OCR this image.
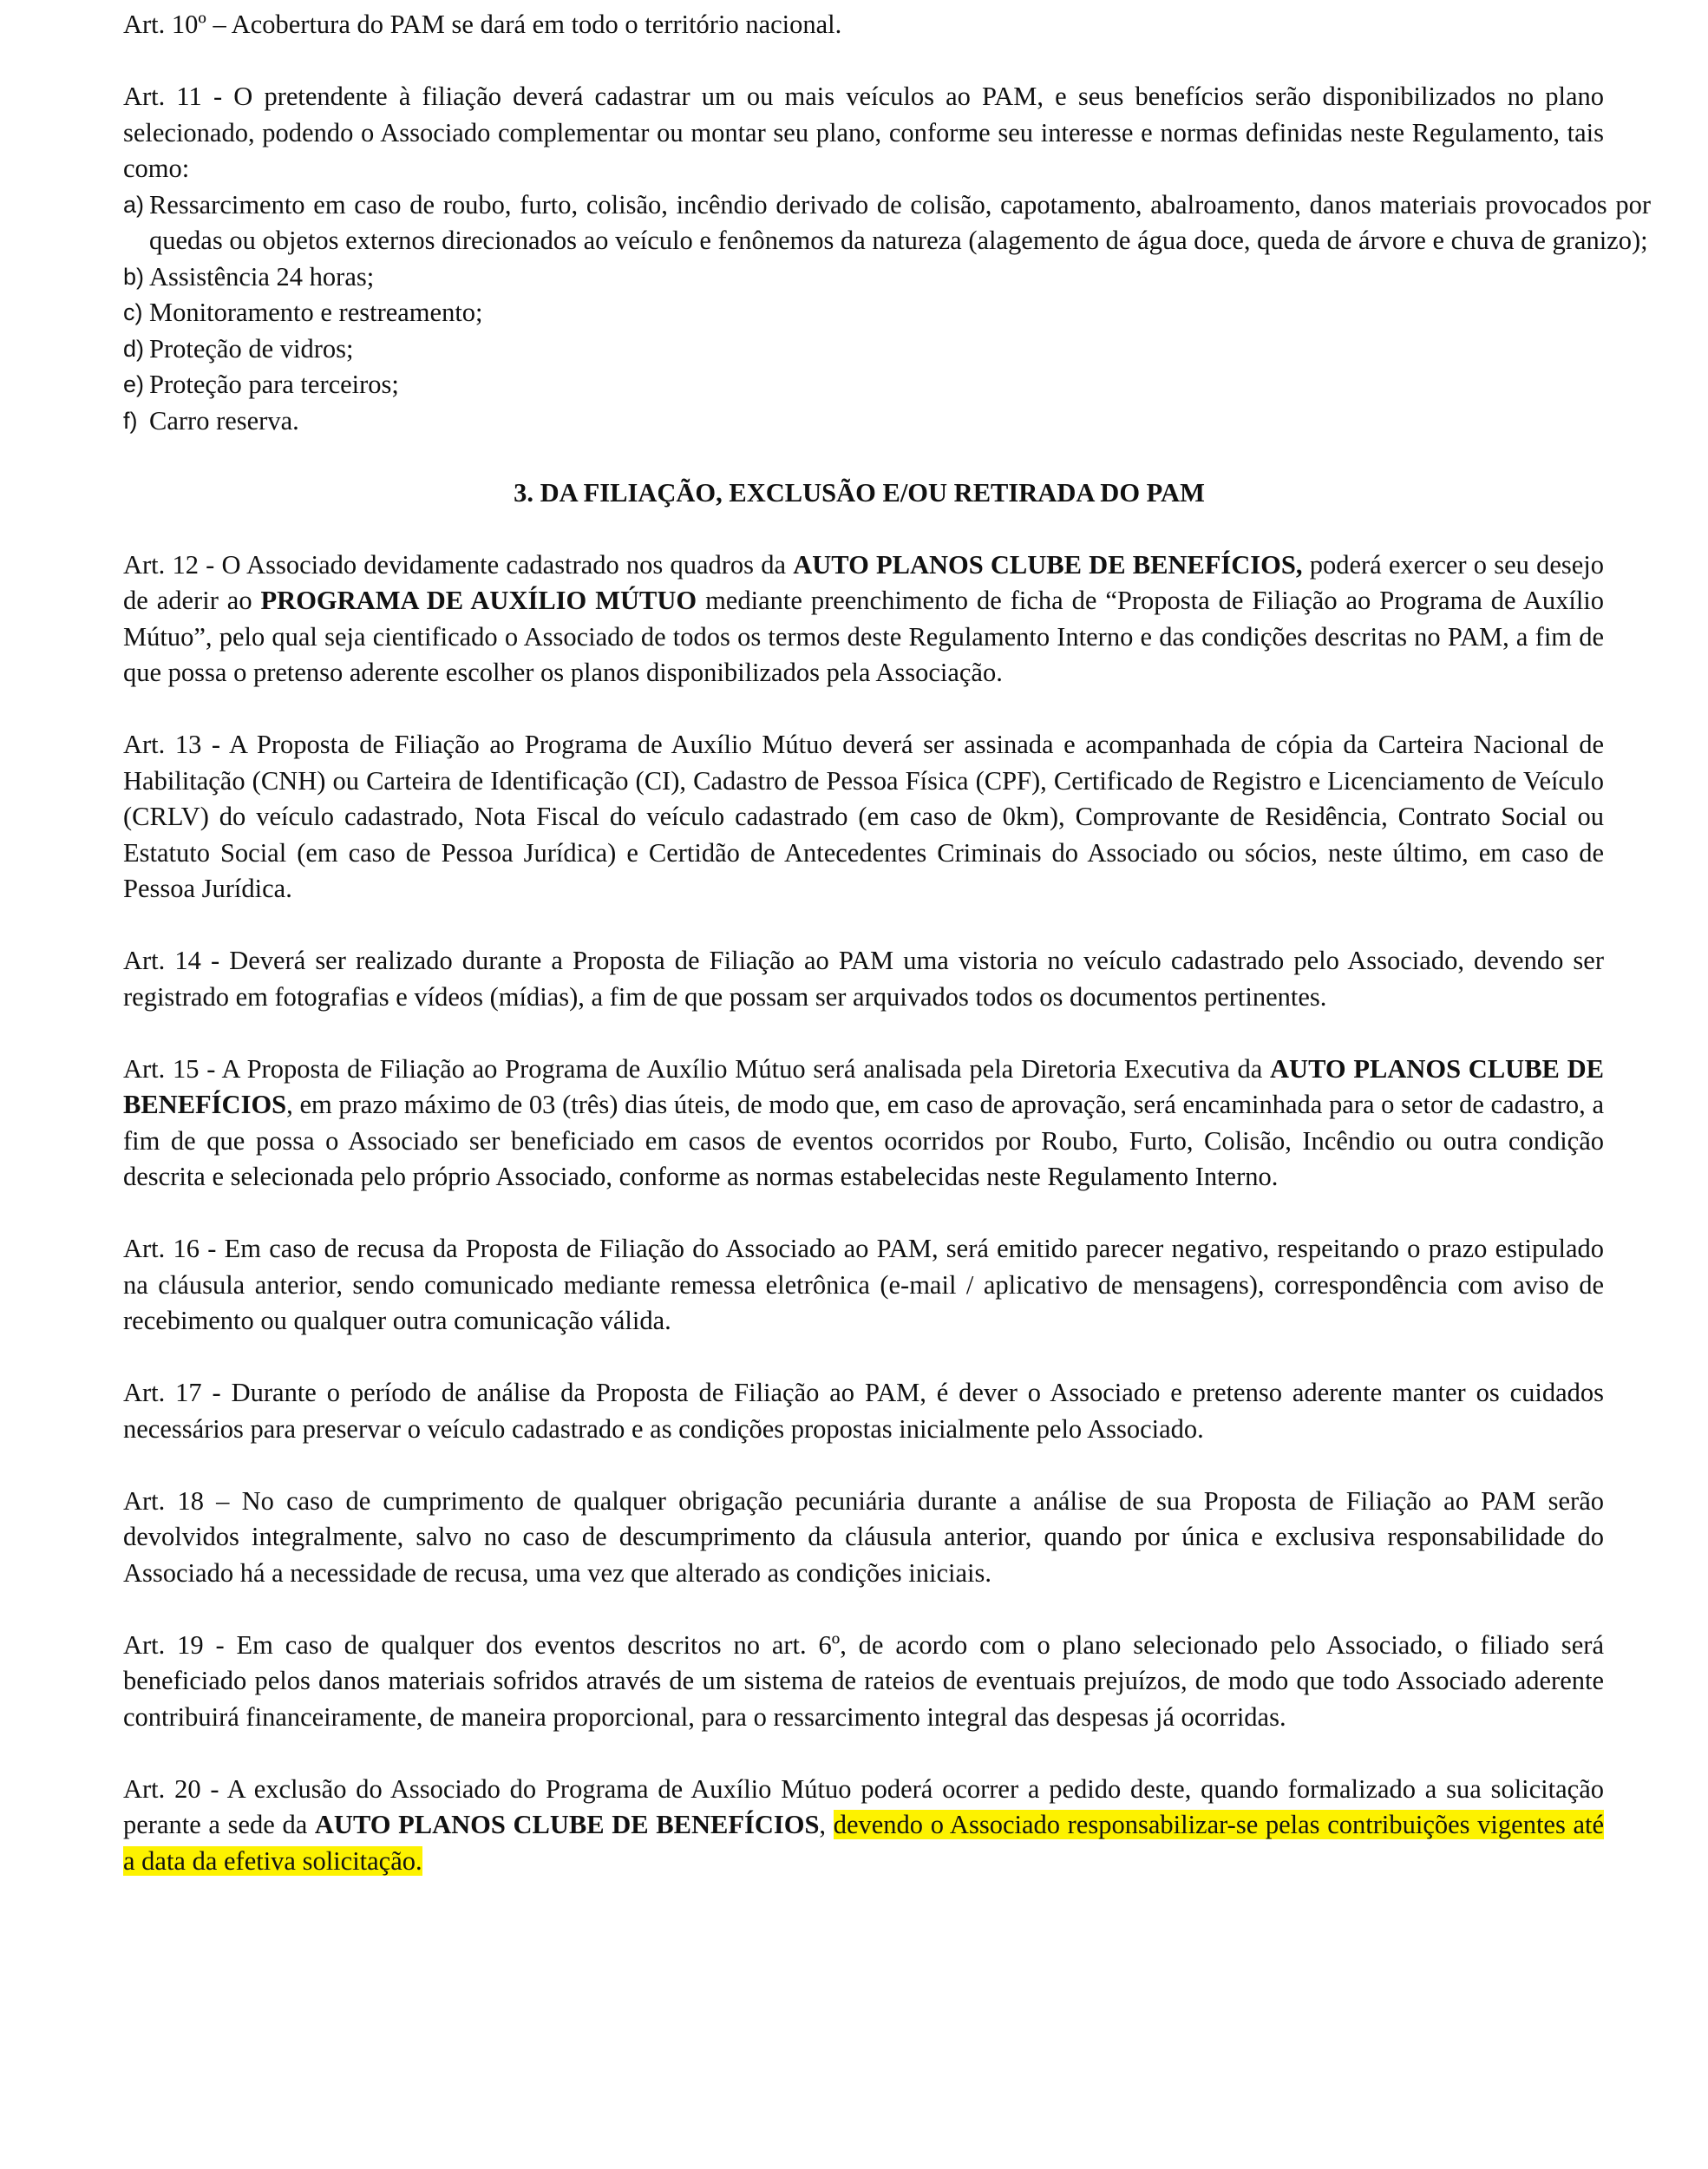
Art. 10º – Acobertura do PAM se dará em todo o território nacional.

Art. 11 - O pretendente à filiação deverá cadastrar um ou mais veículos ao PAM, e seus benefícios serão disponibilizados no plano selecionado, podendo o Associado complementar ou montar seu plano, conforme seu interesse e normas definidas neste Regulamento, tais como:

a) Ressarcimento em caso de roubo, furto, colisão, incêndio derivado de colisão, capotamento, abalroamento, danos materiais provocados por quedas ou objetos externos direcionados ao veículo e fenônemos da natureza (alagemento de água doce, queda de árvore e chuva de granizo);
b) Assistência 24 horas;
c) Monitoramento e restreamento;
d) Proteção de vidros;
e) Proteção para terceiros;
f) Carro reserva.
3. DA FILIAÇÃO, EXCLUSÃO E/OU RETIRADA DO PAM

Art. 12 - O Associado devidamente cadastrado nos quadros da AUTO PLANOS CLUBE DE BENEFÍCIOS, poderá exercer o seu desejo de aderir ao PROGRAMA DE AUXÍLIO MÚTUO mediante preenchimento de ficha de “Proposta de Filiação ao Programa de Auxílio Mútuo”, pelo qual seja cientificado o Associado de todos os termos deste Regulamento Interno e das condições descritas no PAM, a fim de que possa o pretenso aderente escolher os planos disponibilizados pela Associação.

Art. 13 - A Proposta de Filiação ao Programa de Auxílio Mútuo deverá ser assinada e acompanhada de cópia da Carteira Nacional de Habilitação (CNH) ou Carteira de Identificação (CI), Cadastro de Pessoa Física (CPF), Certificado de Registro e Licenciamento de Veículo (CRLV) do veículo cadastrado, Nota Fiscal do veículo cadastrado (em caso de 0km), Comprovante de Residência, Contrato Social ou Estatuto Social (em caso de Pessoa Jurídica) e Certidão de Antecedentes Criminais do Associado ou sócios, neste último, em caso de Pessoa Jurídica.

Art. 14 - Deverá ser realizado durante a Proposta de Filiação ao PAM uma vistoria no veículo cadastrado pelo Associado, devendo ser registrado em fotografias e vídeos (mídias), a fim de que possam ser arquivados todos os documentos pertinentes.

Art. 15 - A Proposta de Filiação ao Programa de Auxílio Mútuo será analisada pela Diretoria Executiva da AUTO PLANOS CLUBE DE BENEFÍCIOS, em prazo máximo de 03 (três) dias úteis, de modo que, em caso de aprovação, será encaminhada para o setor de cadastro, a fim de que possa o Associado ser beneficiado em casos de eventos ocorridos por Roubo, Furto, Colisão, Incêndio ou outra condição descrita e selecionada pelo próprio Associado, conforme as normas estabelecidas neste Regulamento Interno.

Art. 16 - Em caso de recusa da Proposta de Filiação do Associado ao PAM, será emitido parecer negativo, respeitando o prazo estipulado na cláusula anterior, sendo comunicado mediante remessa eletrônica (e-mail / aplicativo de mensagens), correspondência com aviso de recebimento ou qualquer outra comunicação válida.

Art. 17 - Durante o período de análise da Proposta de Filiação ao PAM, é dever o Associado e pretenso aderente manter os cuidados necessários para preservar o veículo cadastrado e as condições propostas inicialmente pelo Associado.

Art. 18 – No caso de cumprimento de qualquer obrigação pecuniária durante a análise de sua Proposta de Filiação ao PAM serão devolvidos integralmente, salvo no caso de descumprimento da cláusula anterior, quando por única e exclusiva responsabilidade do Associado há a necessidade de recusa, uma vez que alterado as condições iniciais.

Art. 19 - Em caso de qualquer dos eventos descritos no art. 6º, de acordo com o plano selecionado pelo Associado, o filiado será beneficiado pelos danos materiais sofridos através de um sistema de rateios de eventuais prejuízos, de modo que todo Associado aderente contribuirá financeiramente, de maneira proporcional, para o ressarcimento integral das despesas já ocorridas.

Art. 20 - A exclusão do Associado do Programa de Auxílio Mútuo poderá ocorrer a pedido deste, quando formalizado a sua solicitação perante a sede da AUTO PLANOS CLUBE DE BENEFÍCIOS, devendo o Associado responsabilizar-se pelas contribuições vigentes até a data da efetiva solicitação.
